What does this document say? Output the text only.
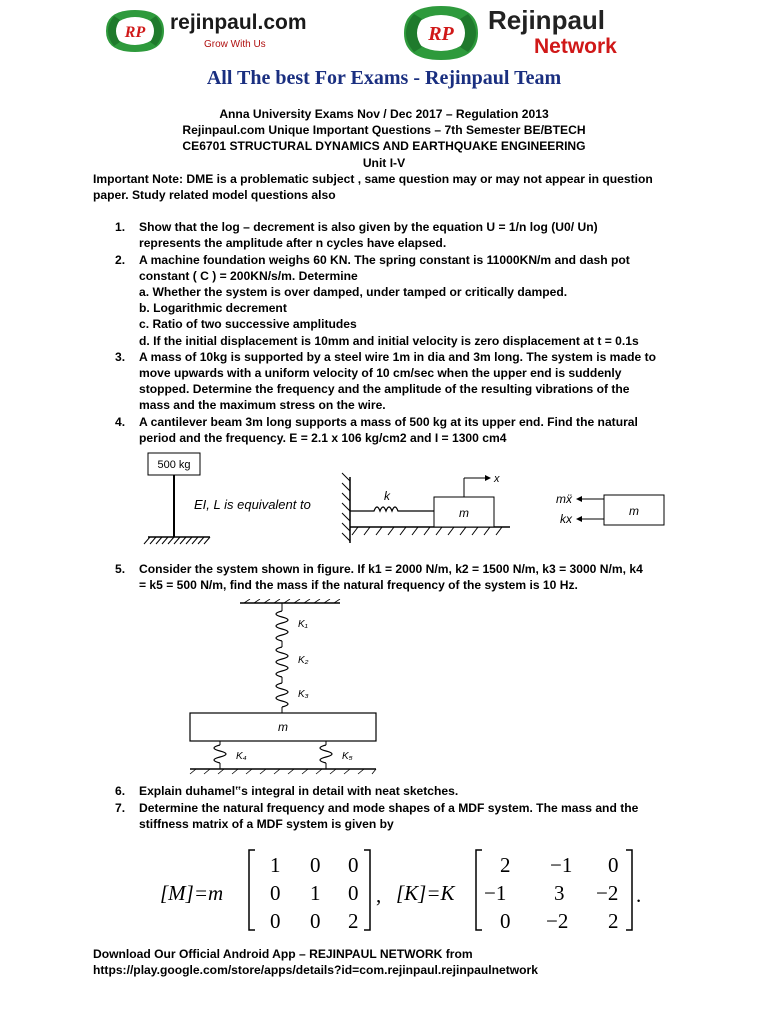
RP rejinpaul.com
Grow With Us	RP Rejinpaul
Network
All The best For Exams - Rejinpaul Team
Anna University Exams Nov / Dec 2017 – Regulation 2013
Rejinpaul.com Unique Important Questions – 7th Semester BE/BTECH
CE6701 STRUCTURAL DYNAMICS AND EARTHQUAKE ENGINEERING
Unit I-V
Important Note: DME is a problematic subject , same question may or may not appear in question paper. Study related model questions also
1. Show that the log – decrement is also given by the equation U = 1/n log (U0/ Un)
represents the amplitude after n cycles have elapsed.
2. A machine foundation weighs 60 KN. The spring constant is 11000KN/m and dash pot
constant ( C ) = 200KN/s/m. Determine
a. Whether the system is over damped, under tamped or critically damped.
b. Logarithmic decrement
c. Ratio of two successive amplitudes
d. If the initial displacement is 10mm and initial velocity is zero displacement at t = 0.1s
3. A mass of 10kg is supported by a steel wire 1m in dia and 3m long. The system is made to
move upwards with a uniform velocity of 10 cm/sec when the upper end is suddenly
stopped. Determine the frequency and the amplitude of the resulting vibrations of the
mass and the maximum stress on the wire.
4. A cantilever beam 3m long supports a mass of 500 kg at its upper end. Find the natural
period and the frequency. E = 2.1 x 106 kg/cm2 and I = 1300 cm4
500 kg
EI, L is equivalent to
k
m
x
mẍ
kx
m
5. Consider the system shown in figure. If k1 = 2000 N/m, k2 = 1500 N/m, k3 = 3000 N/m, k4
= k5 = 500 N/m, find the mass if the natural frequency of the system is 10 Hz.
K₁
K₂
K₃
m
K₄	K₅
6. Explain duhamel‟s integral in detail with neat sketches.
7. Determine the natural frequency and mode shapes of a MDF system. The mass and the
stiffness matrix of a MDF system is given by
[M]=m
1 0 0
0 1 0
0 0 2
, [K]=K
2 −1 0
−1 3 −2
0 −2 2
.
Download Our Official Android App – REJINPAUL NETWORK from
https://play.google.com/store/apps/details?id=com.rejinpaul.rejinpaulnetwork
